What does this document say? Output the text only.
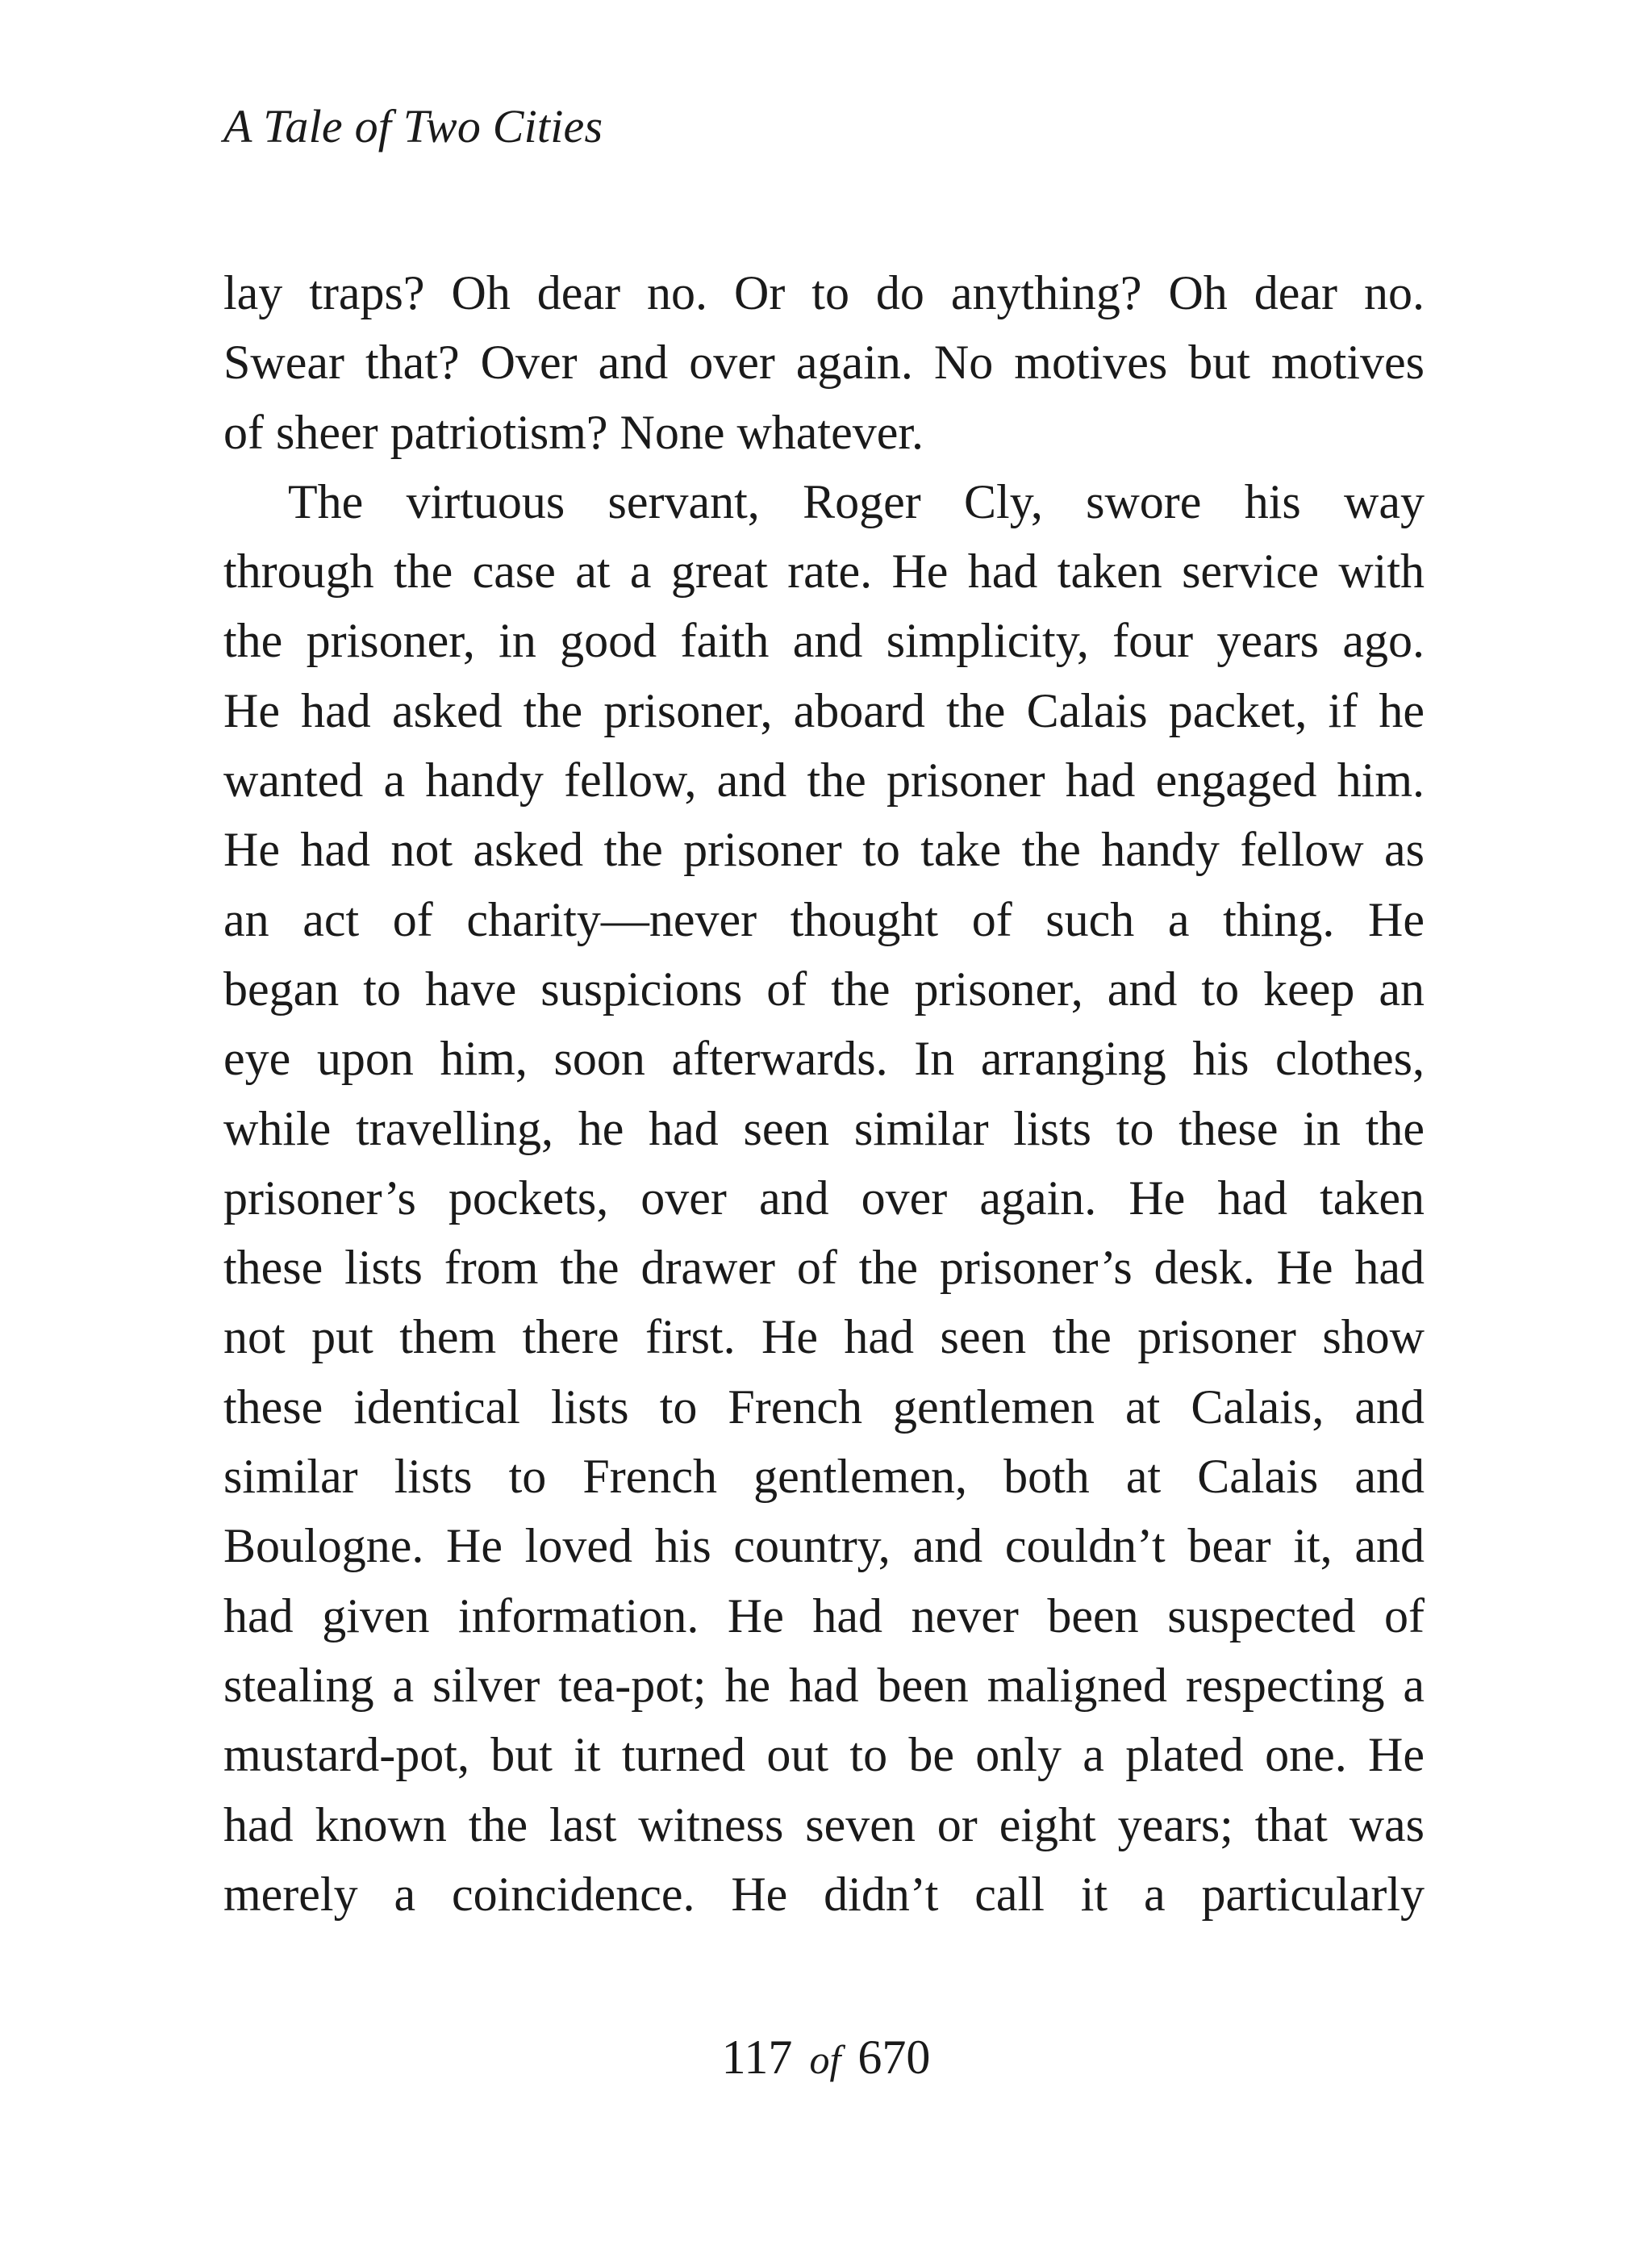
A Tale of Two Cities
lay traps? Oh dear no. Or to do anything? Oh dear no.
Swear that? Over and over again. No motives but motives
of sheer patriotism? None whatever.
The virtuous servant, Roger Cly, swore his way
through the case at a great rate. He had taken service with
the prisoner, in good faith and simplicity, four years ago.
He had asked the prisoner, aboard the Calais packet, if he
wanted a handy fellow, and the prisoner had engaged him.
He had not asked the prisoner to take the handy fellow as
an act of charity—never thought of such a thing. He
began to have suspicions of the prisoner, and to keep an
eye upon him, soon afterwards. In arranging his clothes,
while travelling, he had seen similar lists to these in the
prisoner’s pockets, over and over again. He had taken
these lists from the drawer of the prisoner’s desk. He had
not put them there first. He had seen the prisoner show
these identical lists to French gentlemen at Calais, and
similar lists to French gentlemen, both at Calais and
Boulogne. He loved his country, and couldn’t bear it, and
had given information. He had never been suspected of
stealing a silver tea-pot; he had been maligned respecting a
mustard-pot, but it turned out to be only a plated one. He
had known the last witness seven or eight years; that was
merely a coincidence. He didn’t call it a particularly
117 of 670
